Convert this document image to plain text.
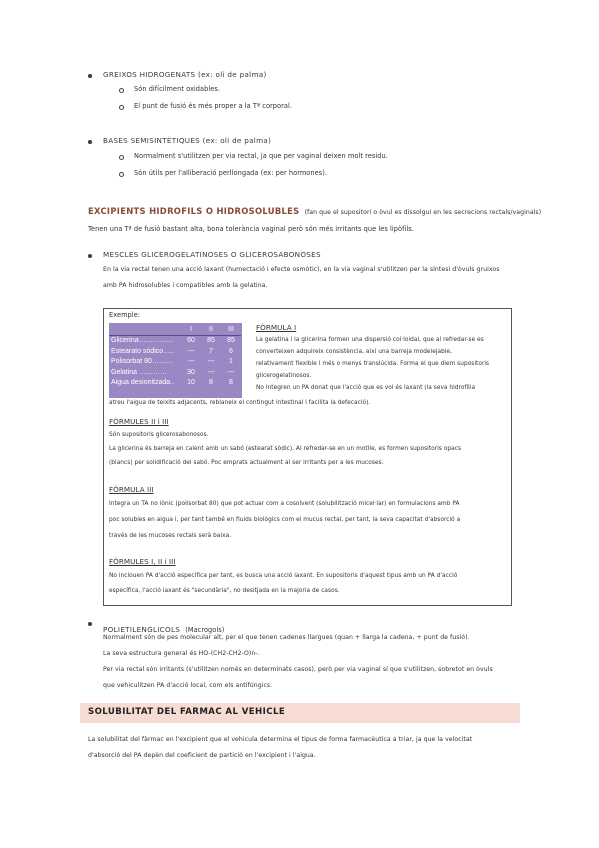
GREIXOS HIDROGENATS (ex: oli de palma)
Són difícilment oxidables.
El punt de fusió és més proper a la Tª corporal.
BASES SEMISINTÈTIQUES (ex: oli de palma)
Normalment s'utilitzen per via rectal, ja que per vaginal deixen molt residu.
Són útils per l'alliberació perllongada (ex: per hormones).
EXCIPIENTS HIDROFILS O HIDROSOLUBLES (fan que el supositori o òvul es dissolgui en les secrecions rectals/vaginals)
Tenen una Tª de fusió bastant alta, bona tolerància vaginal però són més irritants que les lipòfils.
MESCLES GLICEROGELATINOSES O GLICEROSABONOSES
En la via rectal tenen una acció laxant (humectació i efecte osmòtic), en la via vaginal s'utilitzen per la síntesi d'òvuls gruixos
amb PA hidrosolubles i compatibles amb la gelatina.
Exemple:
	I	II	III
Glicerina……………	60	85	85
Estearato sódico…..	---	7	6
Polisorbat 80………	---	---	1
Gelatina …………	30	---	---
Aigua desionitzada..	10	8	8
FÒRMULA I
La gelatina i la glicerina formen una dispersió col·loidal, que al refredar-se es
converteixen adquireix consistència, així una barreja modelejable,
relativament flexible i més o menys translúcida. Forma el que diem supositoris
glicerogelatinosos.
No integren un PA donat que l'acció que es vol és laxant (la seva hidrofília
atreu l'aigua de teixits adjacents, reblaneix el contingut intestinal i facilita la defecació).
FÒRMULES II i III
Són supositoris glicerosabonosos.
La glicerina és barreja en calent amb un sabó (estearat sòdic). Al refredar-se en un motlle, es formen supositoris opacs
(blancs) per solidificació del sabó. Poc emprats actualment al ser irritants per a les mucoses.
FÒRMULA III
Integra un TA no iònic (polisorbat 80) que pot actuar com a cosolvent (solubilització micel·lar) en formulacions amb PA
poc solubles en aigua i, per tant també en fluids biològics com el mucus rectal, per tant, la seva capacitat d'absorció a
través de les mucoses rectals serà baixa.
FÒRMULES I, II i III
No inclouen PA d'acció específica per tant, es busca una acció laxant. En supositoris d'aquest tipus amb un PA d'acció
específica, l'acció laxant és "secundària", no desitjada en la majoria de casos.
POLIETILENGLICOLS (Macrogols)
Normalment són de pes molecular alt, per el que tenen cadenes llargues (quan + llarga la cadena, + punt de fusió).
La seva estructura general és HO-(CH2-CH2-O)n-.
Per via rectal són irritants (s'utilitzen només en determinats casos), però per via vaginal sí que s'utilitzen, sobretot en òvuls
que vehiculitzen PA d'acció local, com els antifúngics.
SOLUBILITAT DEL FARMAC AL VEHICLE
La solubilitat del fàrmac en l'excipient que el vehicula determina el tipus de forma farmacèutica a triar, ja que la velocitat
d'absorció del PA depèn del coeficient de partició en l'excipient i l'aigua.
